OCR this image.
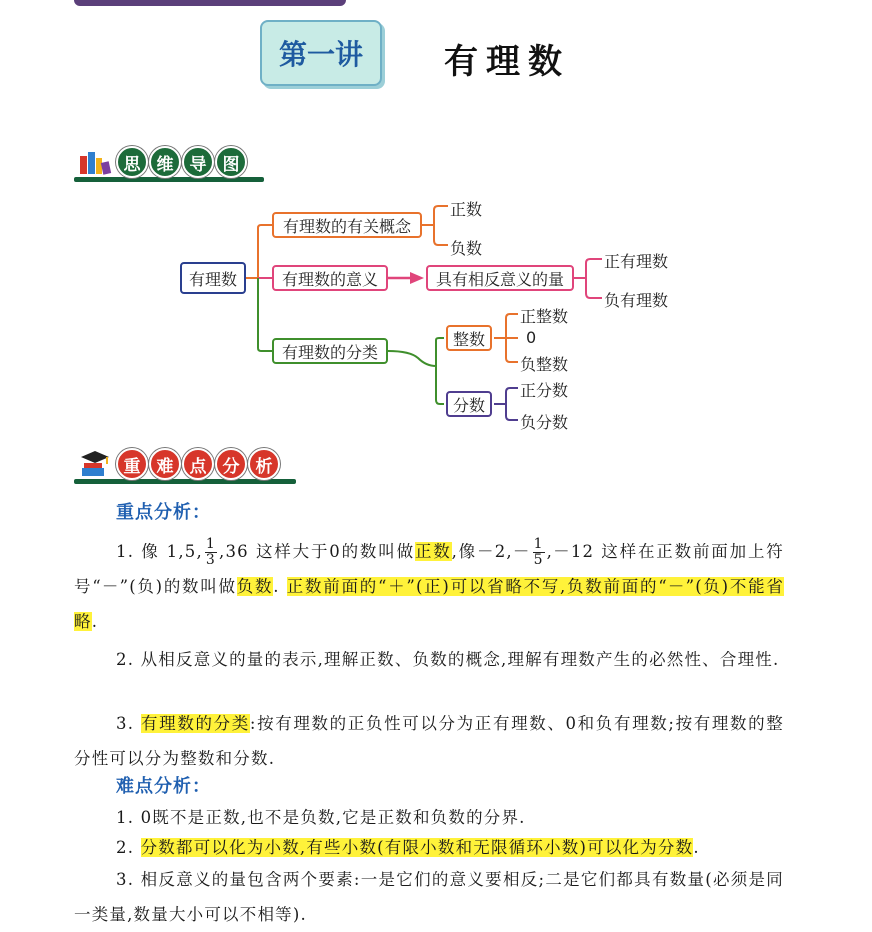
第一讲	有理数
思 维 导 图
有理数
有理数的有关概念
正数
负数
有理数的意义	具有相反意义的量
正有理数
负有理数
有理数的分类
整数
正整数
0
负整数
分数
正分数
负分数
重 难 点 分 析
重点分析：
1. 像 1,5, $\frac{1}{3} ,36$ 这样大于0的数叫做正数,像$-2,- \frac{1}{5} ,-12$ 这样在正数前面加上符号“－”(负)的数叫做负数. 正数前面的“＋”(正)可以省略不写,负数前面的“－”(负)不能省略.
2. 从相反意义的量的表示,理解正数、负数的概念,理解有理数产生的必然性、合理性.
3. 有理数的分类:按有理数的正负性可以分为正有理数、0和负有理数;按有理数的整分性可以分为整数和分数.
难点分析：
1. 0既不是正数,也不是负数,它是正数和负数的分界.
2. 分数都可以化为小数,有些小数(有限小数和无限循环小数)可以化为分数.
3. 相反意义的量包含两个要素:一是它们的意义要相反;二是它们都具有数量(必须是同一类量,数量大小可以不相等).
